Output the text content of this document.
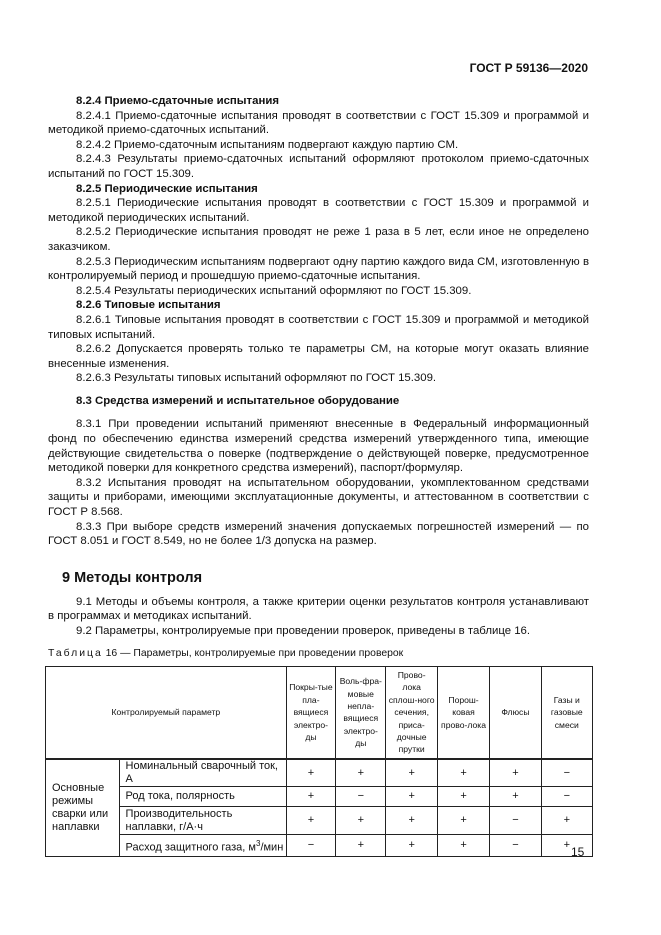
ГОСТ Р 59136—2020

8.2.4 Приемо-сдаточные испытания

8.2.4.1 Приемо-сдаточные испытания проводят в соответствии с ГОСТ 15.309 и программой и методикой приемо-сдаточных испытаний.

8.2.4.2 Приемо-сдаточным испытаниям подвергают каждую партию СМ.

8.2.4.3 Результаты приемо-сдаточных испытаний оформляют протоколом приемо-сдаточных испытаний по ГОСТ 15.309.

8.2.5 Периодические испытания

8.2.5.1 Периодические испытания проводят в соответствии с ГОСТ 15.309 и программой и методикой периодических испытаний.

8.2.5.2 Периодические испытания проводят не реже 1 раза в 5 лет, если иное не определено заказчиком.

8.2.5.3 Периодическим испытаниям подвергают одну партию каждого вида СМ, изготовленную в контролируемый период и прошедшую приемо-сдаточные испытания.

8.2.5.4 Результаты периодических испытаний оформляют по ГОСТ 15.309.

8.2.6 Типовые испытания

8.2.6.1 Типовые испытания проводят в соответствии с ГОСТ 15.309 и программой и методикой типовых испытаний.

8.2.6.2 Допускается проверять только те параметры СМ, на которые могут оказать влияние внесенные изменения.

8.2.6.3 Результаты типовых испытаний оформляют по ГОСТ 15.309.

8.3 Средства измерений и испытательное оборудование

8.3.1 При проведении испытаний применяют внесенные в Федеральный информационный фонд по обеспечению единства измерений средства измерений утвержденного типа, имеющие действующие свидетельства о поверке (подтверждение о действующей поверке, предусмотренное методикой поверки для конкретного средства измерений), паспорт/формуляр.

8.3.2 Испытания проводят на испытательном оборудовании, укомплектованном средствами защиты и приборами, имеющими эксплуатационные документы, и аттестованном в соответствии с ГОСТ Р 8.568.

8.3.3 При выборе средств измерений значения допускаемых погрешностей измерений — по ГОСТ 8.051 и ГОСТ 8.549, но не более 1/3 допуска на размер.

9 Методы контроля

9.1 Методы и объемы контроля, а также критерии оценки результатов контроля устанавливают в программах и методиках испытаний.

9.2 Параметры, контролируемые при проведении проверок, приведены в таблице 16.

Таблица 16 — Параметры, контролируемые при проведении проверок
Контролируемый параметр		Покры-тые пла-вящиеся электро-ды	Воль-фра-мовые непла-вящиеся электро-ды	Прово-лока сплош-ного сечения, приса-дочные прутки	Порош-ковая прово-лока	Флюсы	Газы и газовые смеси
Основные режимы сварки или наплавки	Номинальный сварочный ток, А	+	+	+	+	+	−
	Род тока, полярность	+	−	+	+	+	−
	Производительность наплавки, г/А·ч	+	+	+	+	−	+
	Расход защитного газа, $м^3$/мин	−	+	+	+	−	+ 15
